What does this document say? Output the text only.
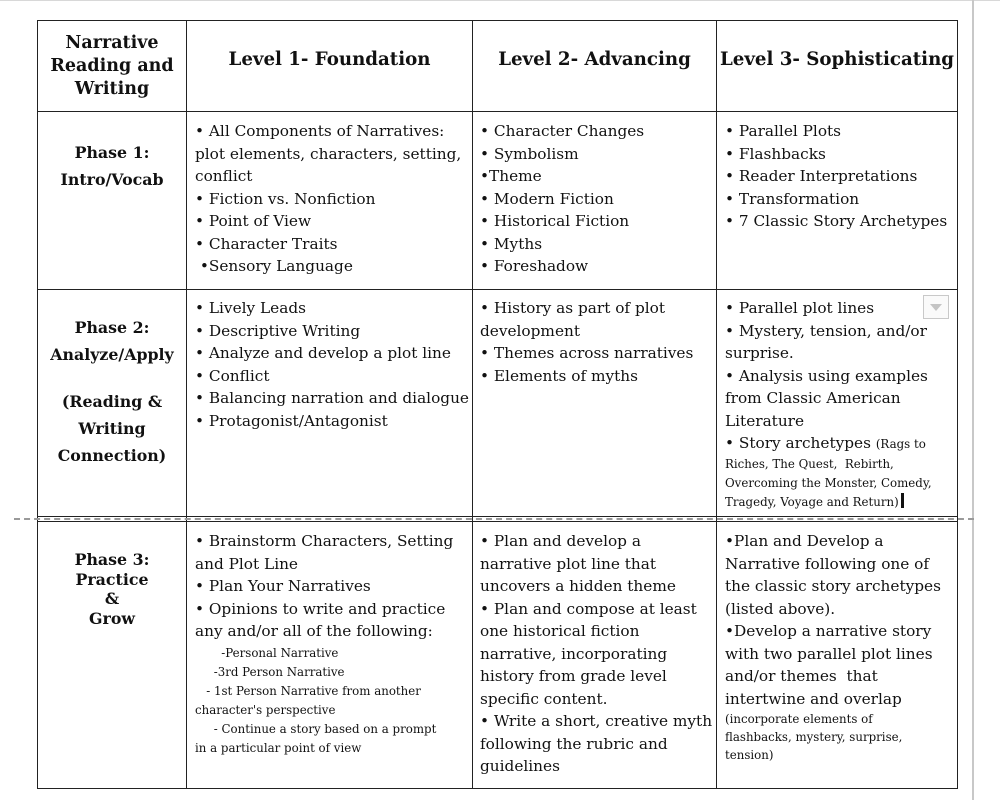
Narrative
Reading and
Writing
Level 1- Foundation	Level 2- Advancing Level 3- Sophisticating
Phase 1:
Intro/Vocab
• All Components of Narratives:
plot elements, characters, setting,
conflict
• Fiction vs. Nonfiction
• Point of View
• Character Traits
•Sensory Language
• Character Changes
• Symbolism
•Theme
• Modern Fiction
• Historical Fiction
• Myths
• Foreshadow
• Parallel Plots
• Flashbacks
• Reader Interpretations
• Transformation
• 7 Classic Story Archetypes
Phase 2:
Analyze/Apply
(Reading &
Writing
Connection)
• Lively Leads
• Descriptive Writing
• Analyze and develop a plot line
• Conflict
• Balancing narration and dialogue
• Protagonist/Antagonist
• History as part of plot
development
• Themes across narratives
• Elements of myths
• Parallel plot lines
• Mystery, tension, and/or
surprise.
• Analysis using examples
from Classic American
Literature
• Story archetypes (Rags to
Riches, The Quest,  Rebirth,
Overcoming the Monster, Comedy,
Tragedy, Voyage and Return)
Phase 3:
Practice
&
Grow
• Brainstorm Characters, Setting
and Plot Line
• Plan Your Narratives
• Opinions to write and practice
any and/or all of the following:
-Personal Narrative
-3rd Person Narrative
- 1st Person Narrative from another
character's perspective
- Continue a story based on a prompt
in a particular point of view
• Plan and develop a
narrative plot line that
uncovers a hidden theme
• Plan and compose at least
one historical fiction
narrative, incorporating
history from grade level
specific content.
• Write a short, creative myth
following the rubric and
guidelines
•Plan and Develop a
Narrative following one of
the classic story archetypes
(listed above).
•Develop a narrative story
with two parallel plot lines
and/or themes  that
intertwine and overlap
(incorporate elements of
flashbacks, mystery, surprise,
tension)
